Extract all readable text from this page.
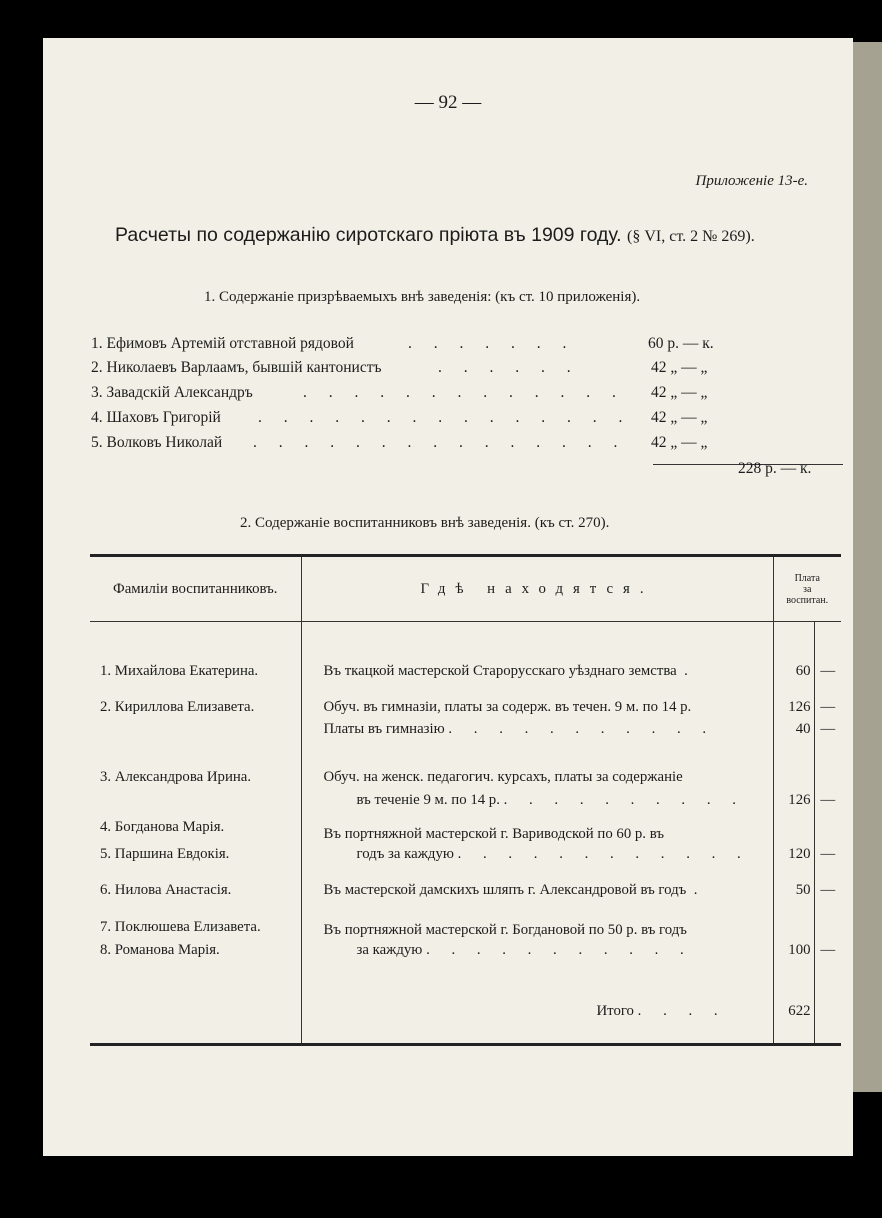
— 92 —
Приложеніе 13-е.
Расчеты по содержанію сиротскаго пріюта въ 1909 году. (§ VI, ст. 2 № 269).
1. Содержаніе призрѣваемыхъ внѣ заведенія: (къ ст. 10 приложенія).
1. Ефимовъ Артемій отставной рядовой	. . . . . . .	60 р. — к.
2. Николаевъ Варлаамъ, бывшій кантонистъ	. . . . . .	42 „ — „
3. Завадскій Александръ	. . . . . . . . . . . . . 42 „ — „
4. Шаховъ Григорій . . . . . . . . . . . . . . . 42 „ — „
5. Волковъ Николай . . . . . . . . . . . . . . . 42 „ — „
228 р. — к.
2. Содержаніе воспитанниковъ внѣ заведенія. (къ ст. 270).
Фамиліи воспитанниковъ.	Гдѣ находятся.	Плата
за
воспитан.	

1. Михайлова Екатерина.	Въ ткацкой мастерской Старорусскаго уѣзднаго земства  .	60	—

2. Кириллова Елизавета.	Обуч. въ гимназіи, платы за содерж. въ течен. 9 м. по 14 р.	126	—
	Платы въ гимназію . . . . . . . . . . .	40	—

3. Александрова Ирина.	Обуч. на женск. педагогич. курсахъ, платы за содержаніе		
	въ теченіе 9 м. по 14 р. . . . . . . . . . .	126	—
4. Богданова Марія.	Въ портняжной мастерской г. Вариводской по 60 р. въ		
5. Паршина Евдокія.	годъ за каждую . . . . . . . . . . . .	120	—

6. Нилова Анастасія.	Въ мастерской дамскихъ шляпъ г. Александровой въ годъ  .	50	—

7. Поклюшева Елизавета.	Въ портняжной мастерской г. Богдановой по 50 р. въ годъ		
8. Романова Марія.	за каждую . . . . . . . . . . .	100	—

	Итого . . . .	622	
